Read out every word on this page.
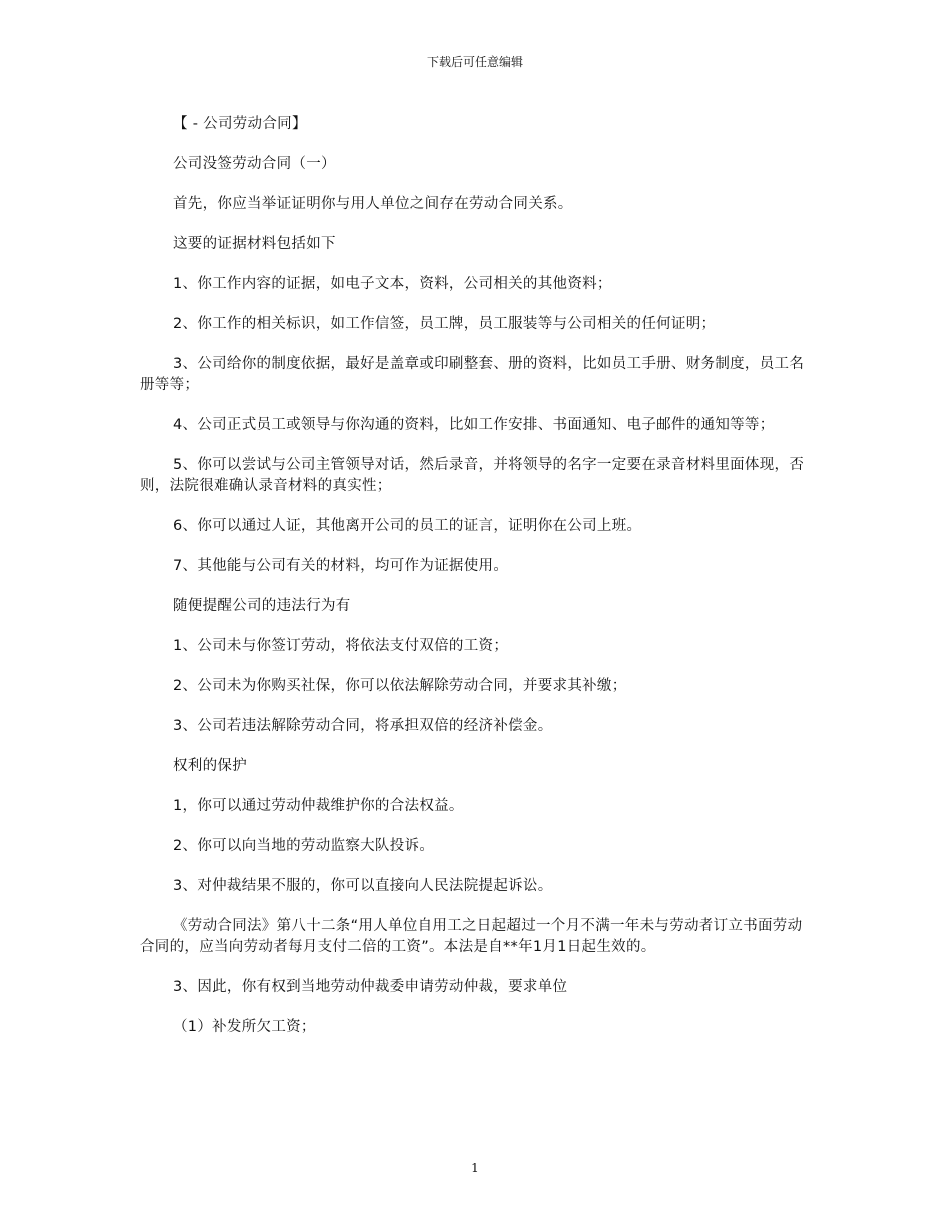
下载后可任意编辑

【 - 公司劳动合同】

公司没签劳动合同（一）

首先，你应当举证证明你与用人单位之间存在劳动合同关系。

这要的证据材料包括如下

1、你工作内容的证据，如电子文本，资料，公司相关的其他资料；

2、你工作的相关标识，如工作信签，员工牌，员工服装等与公司相关的任何证明；

3、公司给你的制度依据，最好是盖章或印刷整套、册的资料，比如员工手册、财务制度，员工名册等等；

4、公司正式员工或领导与你沟通的资料，比如工作安排、书面通知、电子邮件的通知等等；

5、你可以尝试与公司主管领导对话，然后录音，并将领导的名字一定要在录音材料里面体现，否则，法院很难确认录音材料的真实性；

6、你可以通过人证，其他离开公司的员工的证言，证明你在公司上班。

7、其他能与公司有关的材料，均可作为证据使用。

随便提醒公司的违法行为有

1、公司未与你签订劳动，将依法支付双倍的工资；

2、公司未为你购买社保，你可以依法解除劳动合同，并要求其补缴；

3、公司若违法解除劳动合同，将承担双倍的经济补偿金。

权利的保护

1，你可以通过劳动仲裁维护你的合法权益。

2、你可以向当地的劳动监察大队投诉。

3、对仲裁结果不服的，你可以直接向人民法院提起诉讼。

《劳动合同法》第八十二条“用人单位自用工之日起超过一个月不满一年未与劳动者订立书面劳动合同的，应当向劳动者每月支付二倍的工资”。本法是自**年1月1日起生效的。

3、因此，你有权到当地劳动仲裁委申请劳动仲裁，要求单位

（1）补发所欠工资；

1
